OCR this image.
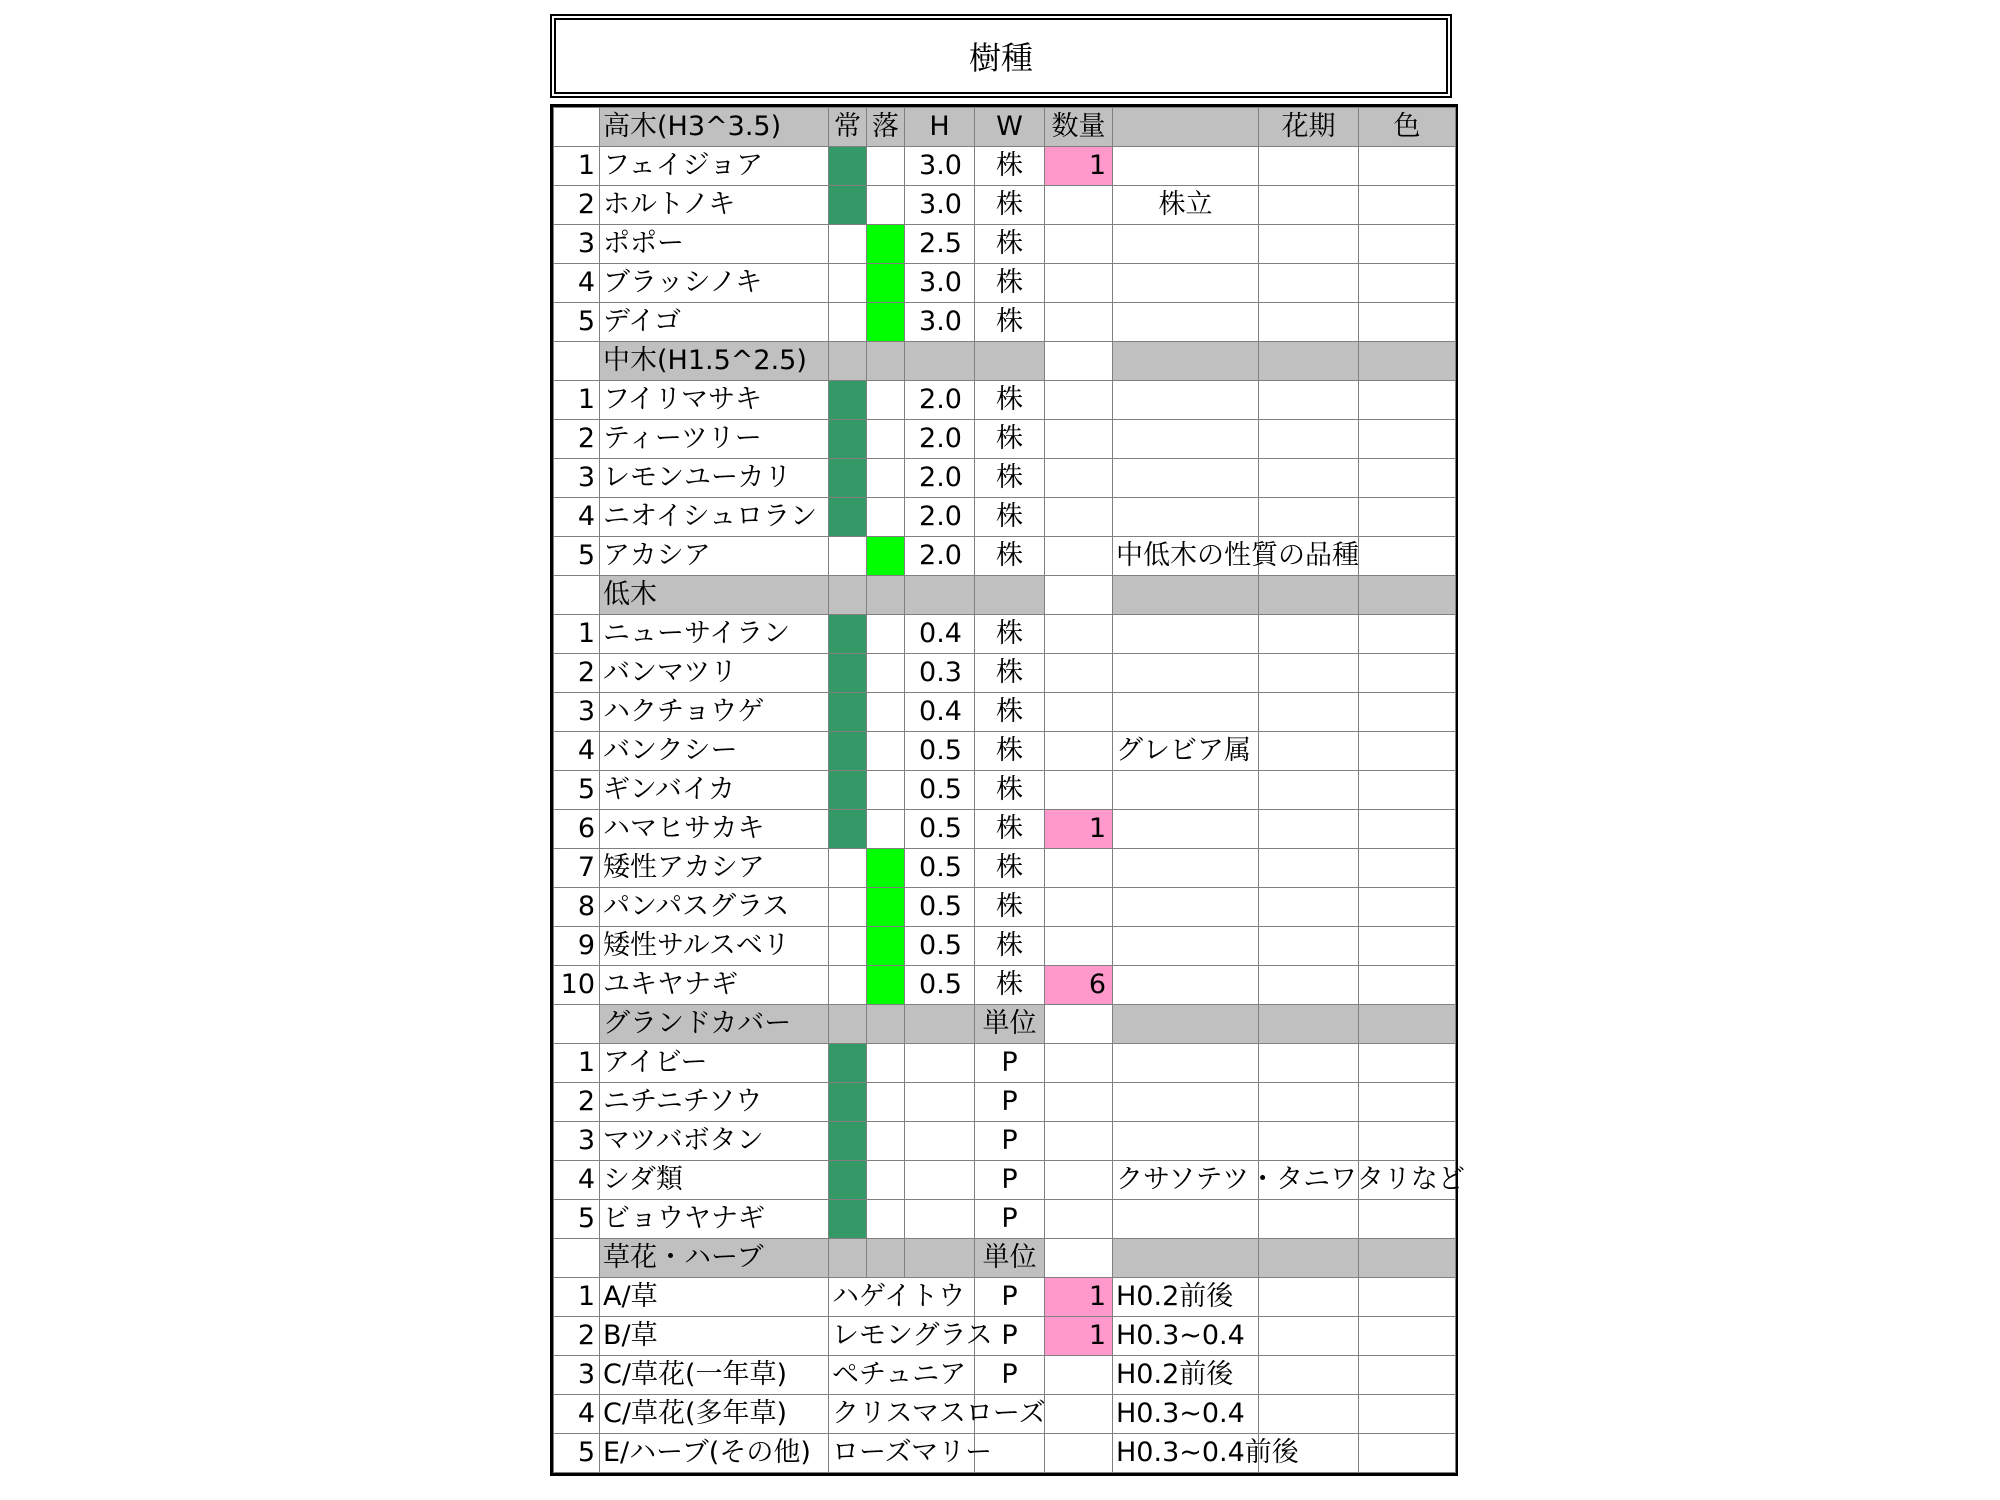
樹種
	高木(H3^3.5)	常	落	H	W	数量		花期	色
1	フェイジョア			3.0	株	1			
2	ホルトノキ			3.0	株		株立		
3	ポポー			2.5	株				
4	ブラッシノキ			3.0	株				
5	デイゴ			3.0	株				
	中木(H1.5^2.5)								
1	フイリマサキ			2.0	株				
2	ティーツリー			2.0	株				
3	レモンユーカリ			2.0	株				
4	ニオイシュロラン			2.0	株				
5	アカシア			2.0	株		中低木の性質の品種		
	低木								
1	ニューサイラン			0.4	株				
2	バンマツリ			0.3	株				
3	ハクチョウゲ			0.4	株				
4	バンクシー			0.5	株		グレビア属		
5	ギンバイカ			0.5	株				
6	ハマヒサカキ			0.5	株	1			
7	矮性アカシア			0.5	株				
8	パンパスグラス			0.5	株				
9	矮性サルスベリ			0.5	株				
10	ユキヤナギ			0.5	株	6			
	グランドカバー				単位				
1	アイビー				P				
2	ニチニチソウ				P				
3	マツバボタン				P				
4	シダ類				P		クサソテツ・タニワタリなど		
5	ビョウヤナギ				P				
	草花・ハーブ				単位				
1	A/草	ハゲイトウ			P	1	H0.2前後		
2	B/草	レモングラス			P	1	H0.3~0.4		
3	C/草花(一年草)	ペチュニア			P		H0.2前後		
4	C/草花(多年草)	クリスマスローズ					H0.3~0.4		
5	E/ハーブ(その他)	ローズマリー					H0.3~0.4前後		
